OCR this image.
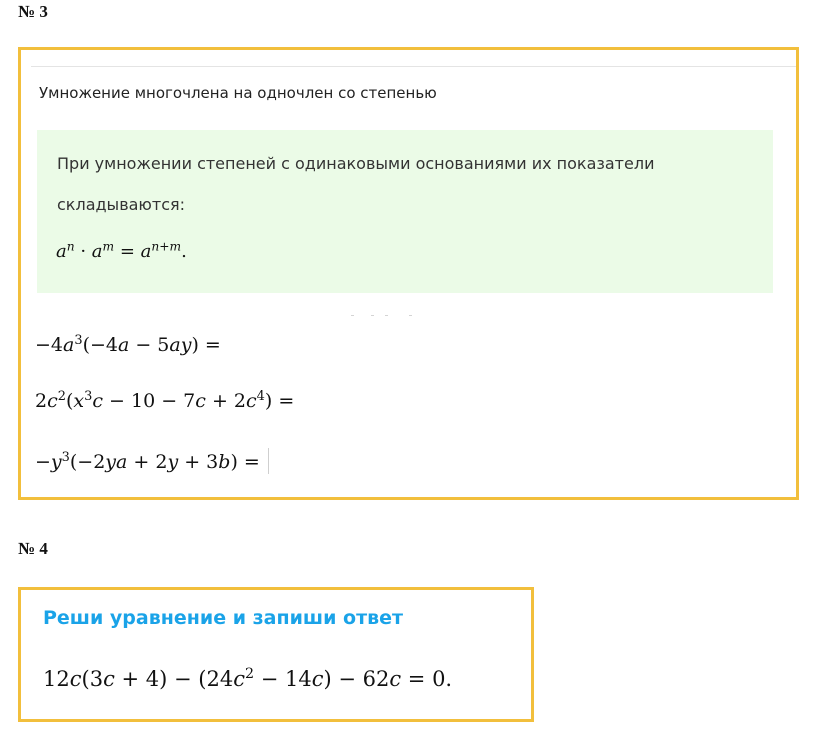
№ 3
Умножение многочлена на одночлен со степенью
При умножении степеней с одинаковыми основаниями их показатели
складываются:
$a^n \cdot a^m = a^{n+m}$.
$-4a^3(-4a - 5ay)$ =
$2c^2(x^3c - 10 - 7c + 2c^4)$ =
$-y^3(-2ya + 2y + 3b)$ =
№ 4
Реши уравнение и запиши ответ
$12c(3c + 4) - (24c^2 - 14c) - 62c = 0$.
